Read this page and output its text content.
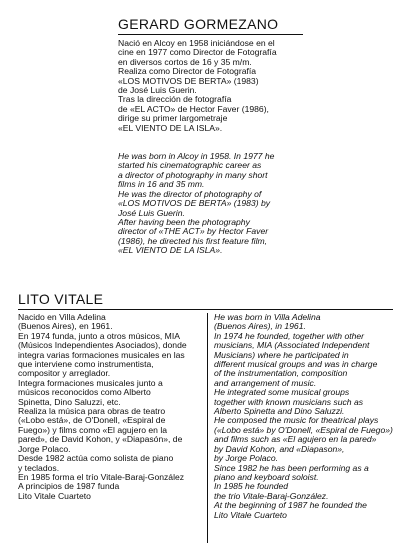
GERARD GORMEZANO

Nació en Alcoy en 1958 iniciándose en el
cine en 1977 como Director de Fotografía
en diversos cortos de 16 y 35 m/m.
Realiza como Director de Fotografía
«LOS MOTIVOS DE BERTA» (1983)
de José Luis Guerin.
Tras la dirección de fotografía
de «EL ACTO» de Hector Faver (1986),
dirige su primer largometraje
«EL VIENTO DE LA ISLA».

He was born in Alcoy in 1958. In 1977 he
started his cinematographic career as
a director of photography in many short
films in 16 and 35 mm.
He was the director of photography of
«LOS MOTIVOS DE BERTA» (1983) by
José Luis Guerin.
After having been the photography
director of «THE ACT» by Hector Faver
(1986), he directed his first feature film,
«EL VIENTO DE LA ISLA».

LITO VITALE

Nacido en Villa Adelina
(Buenos Aires), en 1961.
En 1974 funda, junto a otros músicos, MIA
(Músicos Independientes Asociados), donde
integra varias formaciones musicales en las
que interviene como instrumentista,
compositor y arreglador.
Integra formaciones musicales junto a
músicos reconocidos como Alberto
Spinetta, Dino Saluzzi, etc.
Realiza la música para obras de teatro
(«Lobo está», de O'Donell, «Espiral de
Fuego») y films como «El agujero en la
pared», de David Kohon, y «Diapasón», de
Jorge Polaco.
Desde 1982 actúa como solista de piano
y teclados.
En 1985 forma el trío Vitale-Baraj-González
A principios de 1987 funda
Lito Vitale Cuarteto

He was born in Villa Adelina
(Buenos Aires), in 1961.
In 1974 he founded, together with other
musicians, MIA (Associated Independent
Musicians) where he participated in
different musical groups and was in charge
of the instrumentation, composition
and arrangement of music.
He integrated some musical groups
together with known musicians such as
Alberto Spinetta and Dino Saluzzi.
He composed the music for theatrical plays
(«Lobo está» by O'Donell, «Espiral de Fuego»)
and films such as «El agujero en la pared»
by David Kohon, and «Diapason»,
by Jorge Polaco.
Since 1982 he has been performing as a
piano and keyboard soloist.
In 1985 he founded
the trio Vitale-Baraj-González.
At the beginning of 1987 he founded the
Lito Vitale Cuarteto
